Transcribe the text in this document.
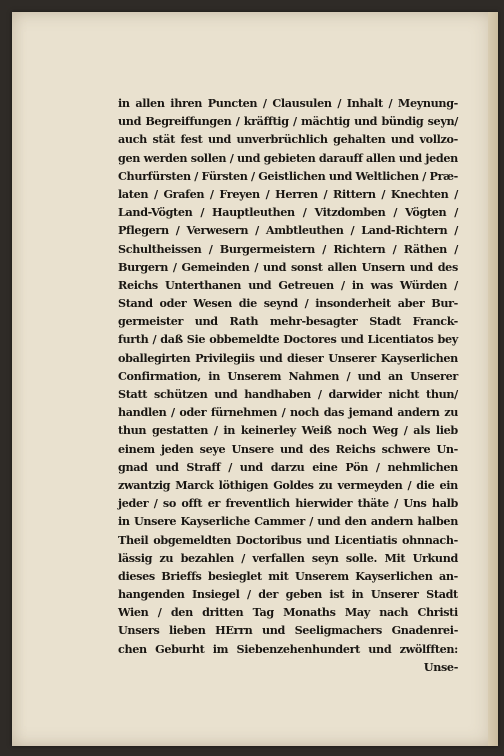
in allen ihren Puncten / Clausulen / Inhalt / Meynung-
und Begreiffungen / kräfftig / mächtig und bündig seyn/
auch stät fest und unverbrüchlich gehalten und vollzo-
gen werden sollen / und gebieten darauff allen und jeden
Churfürsten / Fürsten / Geistlichen und Weltlichen / Præ-
laten / Grafen / Freyen / Herren / Rittern / Knechten /
Land-Vögten / Hauptleuthen / Vitzdomben / Vögten /
Pflegern / Verwesern / Ambtleuthen / Land-Richtern /
Schultheissen / Burgermeistern / Richtern / Räthen /
Burgern / Gemeinden / und sonst allen Unsern und des
Reichs Unterthanen und Getreuen / in was Würden /
Stand oder Wesen die seynd / insonderheit aber Bur-
germeister und Rath mehr-besagter Stadt Franck-
furth / daß Sie obbemeldte Doctores und Licentiatos bey
oballegirten Privilegiis und dieser Unserer Kayserlichen
Confirmation, in Unserem Nahmen / und an Unserer
Statt schützen und handhaben / darwider nicht thun/
handlen / oder fürnehmen / noch das jemand andern zu
thun gestatten / in keinerley Weiß noch Weg / als lieb
einem jeden seye Unsere und des Reichs schwere Un-
gnad und Straff / und darzu eine Pön / nehmlichen
zwantzig Marck löthigen Goldes zu vermeyden / die ein
jeder / so offt er freventlich hierwider thäte / Uns halb
in Unsere Kayserliche Cammer / und den andern halben
Theil obgemeldten Doctoribus und Licentiatis ohnnach-
lässig zu bezahlen / verfallen seyn solle. Mit Urkund
dieses Brieffs besieglet mit Unserem Kayserlichen an-
hangenden Insiegel / der geben ist in Unserer Stadt
Wien / den dritten Tag Monaths May nach Christi
Unsers lieben HErrn und Seeligmachers Gnadenrei-
chen Geburht im Siebenzehenhundert und zwölfften:
Unse-
